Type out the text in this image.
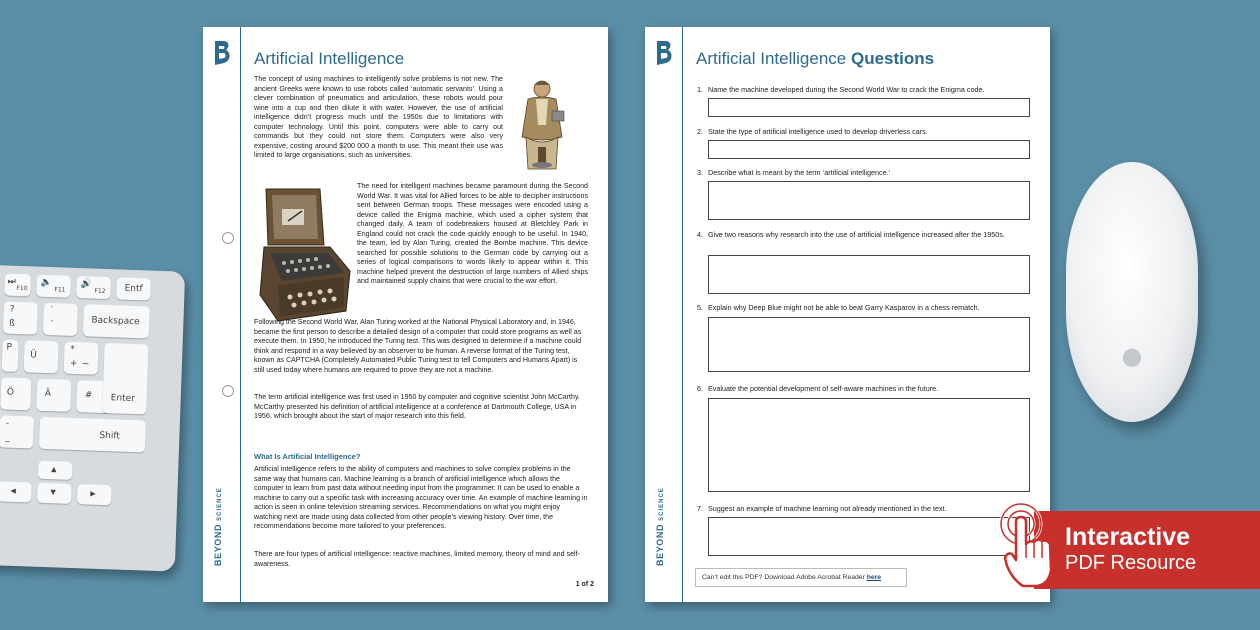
⏭
F10
🔈
F11
🔊
F12 Entf
?
ß
`
´	Backspace
P
Ü
*
+ ~
Ö	Ä	# Enter
-
_	Shift
▲
◀	▼	▶
●
BEYONDSCIENCE
Artificial Intelligence
The concept of using machines to intelligently solve problems is not new. The ancient Greeks were known to use robots called ‘automatic servants’. Using a clever combination of pneumatics and articulation, these robots would pour wine into a cup and then dilute it with water. However, the use of artificial intelligence didn’t progress much until the 1950s due to limitations with computer technology. Until this point, computers were able to carry out commands but they could not store them. Computers were also very expensive, costing around $200 000 a month to use. This meant their use was limited to large organisations, such as universities.
The need for intelligent machines became paramount during the Second World War. It was vital for Allied forces to be able to decipher instructions sent between German troops. These messages were encoded using a device called the Enigma machine, which used a cipher system that changed daily. A team of codebreakers housed at Bletchley Park in England could not crack the code quickly enough to be useful. In 1940, the team, led by Alan Turing, created the Bombe machine. This device searched for possible solutions to the German code by carrying out a series of logical comparisons to words likely to appear within it. This machine helped prevent the destruction of large numbers of Allied ships and maintained supply chains that were crucial to the war effort.
Following the Second World War, Alan Turing worked at the National Physical Laboratory and, in 1946, became the first person to describe a detailed design of a computer that could store programs as well as execute them. In 1950, he introduced the Turing test. This was designed to determine if a machine could think and respond in a way believed by an observer to be human. A reverse format of the Turing test, known as CAPTCHA (Completely Automated Public Turing test to tell Computers and Humans Apart) is still used today where humans are required to prove they are not a machine.
The term artificial intelligence was first used in 1950 by computer and cognitive scientist John McCarthy. McCarthy presented his definition of artificial intelligence at a conference at Dartmouth College, USA in 1956, which brought about the start of major research into this field.
What Is Artificial Intelligence?
Artificial intelligence refers to the ability of computers and machines to solve complex problems in the same way that humans can. Machine learning is a branch of artificial intelligence which allows the computer to learn from past data without needing input from the programmer. It can be used to enable a machine to carry out a specific task with increasing accuracy over time. An example of machine learning in action is seen in online television streaming services. Recommendations on what you might enjoy watching next are made using data collected from other people’s viewing history. Over time, the recommendations become more tailored to your preferences.
There are four types of artificial intelligence: reactive machines, limited memory, theory of mind and self-awareness.
1 of 2
BEYONDSCIENCE
Artificial Intelligence Questions
1. Name the machine developed during the Second World War to crack the Enigma code.
2. State the type of artificial intelligence used to develop driverless cars.
3. Describe what is meant by the term ‘artificial intelligence.’
4. Give two reasons why research into the use of artificial intelligence increased after the 1950s.
5. Explain why Deep Blue might not be able to beat Garry Kasparov in a chess rematch.
6. Evaluate the potential development of self-aware machines in the future.
7. Suggest an example of machine learning not already mentioned in the text.
Can’t edit this PDF? Download Adobe Acrobat Reader here
Interactive
PDF Resource
